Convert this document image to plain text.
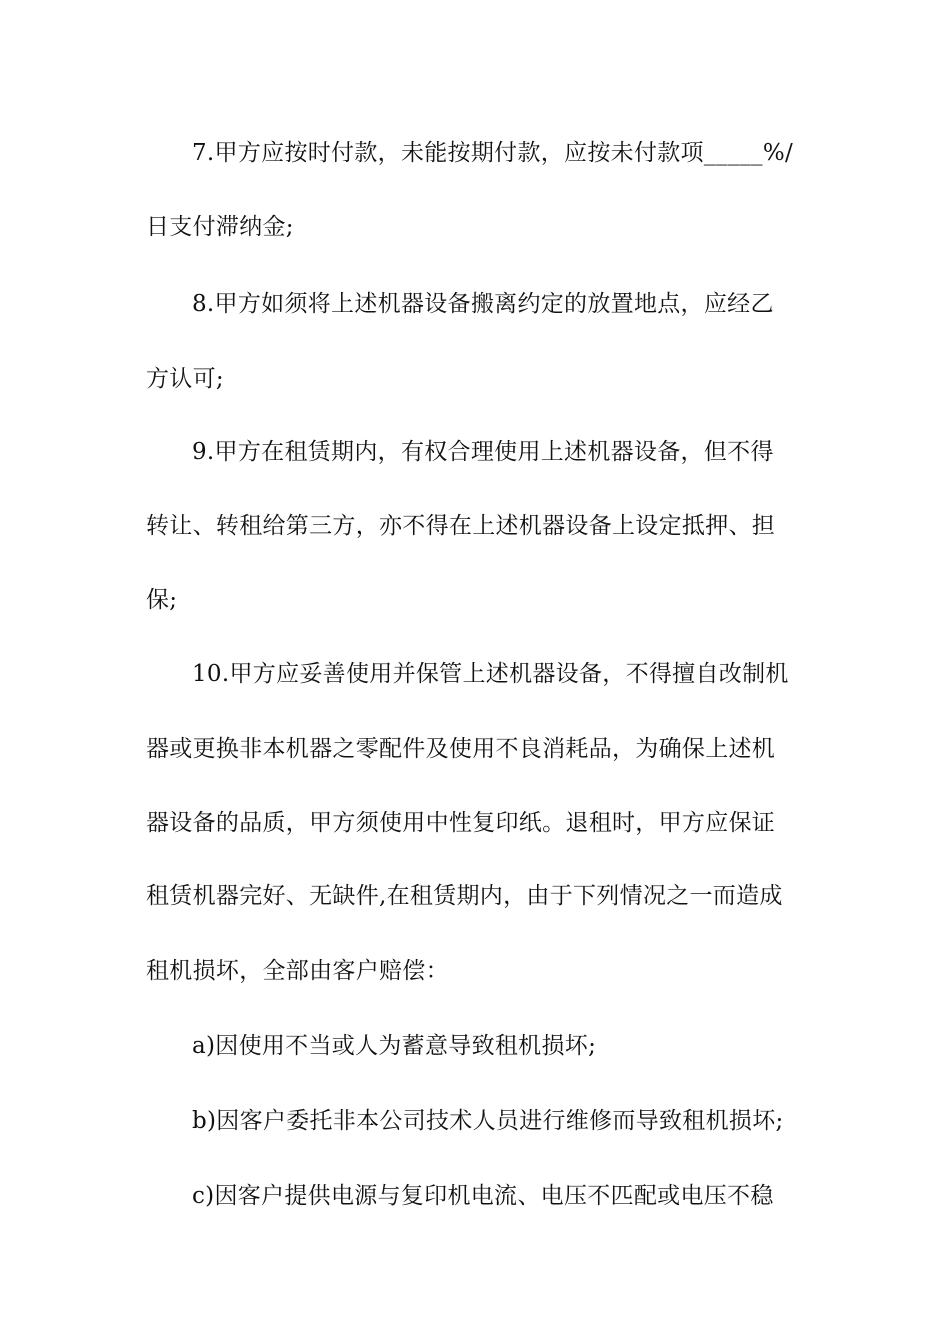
7.甲方应按时付款，未能按期付款，应按未付款项_____%/
日支付滞纳金;
8.甲方如须将上述机器设备搬离约定的放置地点，应经乙
方认可;
9.甲方在租赁期内，有权合理使用上述机器设备，但不得
转让、转租给第三方，亦不得在上述机器设备上设定抵押、担
保;
10.甲方应妥善使用并保管上述机器设备，不得擅自改制机
器或更换非本机器之零配件及使用不良消耗品，为确保上述机
器设备的品质，甲方须使用中性复印纸。退租时，甲方应保证
租赁机器完好、无缺件,在租赁期内，由于下列情况之一而造成
租机损坏，全部由客户赔偿：
a)因使用不当或人为蓄意导致租机损坏;
b)因客户委托非本公司技术人员进行维修而导致租机损坏;
c)因客户提供电源与复印机电流、电压不匹配或电压不稳
